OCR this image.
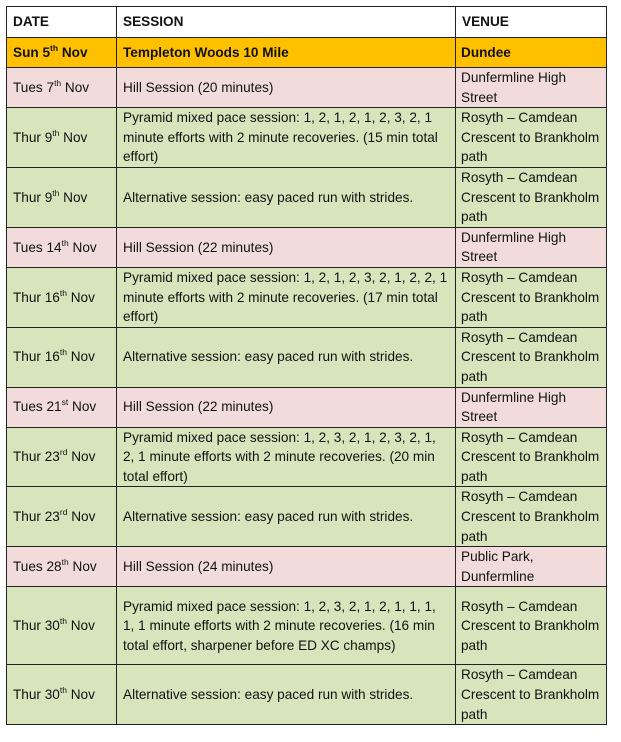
DATE	SESSION	VENUE
Sun 5th Nov	Templeton Woods 10 Mile	Dundee
Tues 7th Nov	Hill Session (20 minutes)	Dunfermline High Street
Thur 9th Nov	Pyramid mixed pace session: 1, 2, 1, 2, 1, 2, 3, 2, 1 minute efforts with 2 minute recoveries. (15 min total effort)	Rosyth – Camdean Crescent to Brankholm path
Thur 9th Nov	Alternative session: easy paced run with strides.	Rosyth – Camdean Crescent to Brankholm path
Tues 14th Nov	Hill Session (22 minutes)	Dunfermline High Street
Thur 16th Nov	Pyramid mixed pace session: 1, 2, 1, 2, 3, 2, 1, 2, 2, 1 minute efforts with 2 minute recoveries. (17 min total effort)	Rosyth – Camdean Crescent to Brankholm path
Thur 16th Nov	Alternative session: easy paced run with strides.	Rosyth – Camdean Crescent to Brankholm path
Tues 21st Nov	Hill Session (22 minutes)	Dunfermline High Street
Thur 23rd Nov	Pyramid mixed pace session: 1, 2, 3, 2, 1, 2, 3, 2, 1, 2, 1 minute efforts with 2 minute recoveries. (20 min total effort)	Rosyth – Camdean Crescent to Brankholm path
Thur 23rd Nov	Alternative session: easy paced run with strides.	Rosyth – Camdean Crescent to Brankholm path
Tues 28th Nov	Hill Session (24 minutes)	Public Park, Dunfermline
Thur 30th Nov	Pyramid mixed pace session: 1, 2, 3, 2, 1, 2, 1, 1, 1, 1, 1 minute efforts with 2 minute recoveries. (16 min total effort, sharpener before ED XC champs)	Rosyth – Camdean Crescent to Brankholm path
Thur 30th Nov	Alternative session: easy paced run with strides.	Rosyth – Camdean Crescent to Brankholm path
